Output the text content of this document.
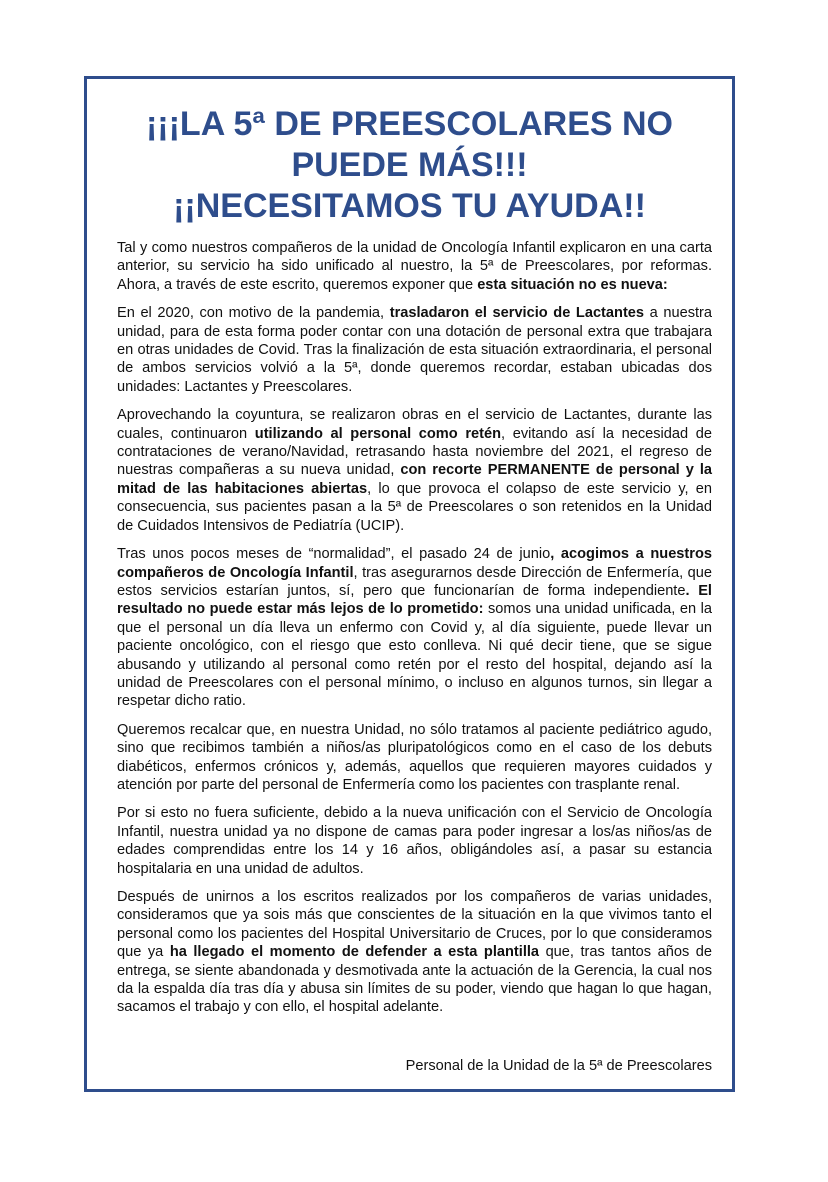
¡¡¡LA 5ª DE PREESCOLARES NO
PUEDE MÁS!!!
¡¡NECESITAMOS TU AYUDA!!

Tal y como nuestros compañeros de la unidad de Oncología Infantil explicaron en una carta anterior, su servicio ha sido unificado al nuestro, la 5ª de Preescolares, por reformas. Ahora, a través de este escrito, queremos exponer que esta situación no es nueva:

En el 2020, con motivo de la pandemia, trasladaron el servicio de Lactantes a nuestra unidad, para de esta forma poder contar con una dotación de personal extra que trabajara en otras unidades de Covid. Tras la finalización de esta situación extraordinaria, el personal de ambos servicios volvió a la 5ª, donde queremos recordar, estaban ubicadas dos unidades: Lactantes y Preescolares.

Aprovechando la coyuntura, se realizaron obras en el servicio de Lactantes, durante las cuales, continuaron utilizando al personal como retén, evitando así la necesidad de contrataciones de verano/Navidad, retrasando hasta noviembre del 2021, el regreso de nuestras compañeras a su nueva unidad, con recorte PERMANENTE de personal y la mitad de las habitaciones abiertas, lo que provoca el colapso de este servicio y, en consecuencia, sus pacientes pasan a la 5ª de Preescolares o son retenidos en la Unidad de Cuidados Intensivos de Pediatría (UCIP).

Tras unos pocos meses de “normalidad”, el pasado 24 de junio, acogimos a nuestros compañeros de Oncología Infantil, tras asegurarnos desde Dirección de Enfermería, que estos servicios estarían juntos, sí, pero que funcionarían de forma independiente. El resultado no puede estar más lejos de lo prometido: somos una unidad unificada, en la que el personal un día lleva un enfermo con Covid y, al día siguiente, puede llevar un paciente oncológico, con el riesgo que esto conlleva. Ni qué decir tiene, que se sigue abusando y utilizando al personal como retén por el resto del hospital, dejando así la unidad de Preescolares con el personal mínimo, o incluso en algunos turnos, sin llegar a respetar dicho ratio.

Queremos recalcar que, en nuestra Unidad, no sólo tratamos al paciente pediátrico agudo, sino que recibimos también a niños/as pluripatológicos como en el caso de los debuts diabéticos, enfermos crónicos y, además, aquellos que requieren mayores cuidados y atención por parte del personal de Enfermería como los pacientes con trasplante renal.

Por si esto no fuera suficiente, debido a la nueva unificación con el Servicio de Oncología Infantil, nuestra unidad ya no dispone de camas para poder ingresar a los/as niños/as de edades comprendidas entre los 14 y 16 años, obligándoles así, a pasar su estancia hospitalaria en una unidad de adultos.

Después de unirnos a los escritos realizados por los compañeros de varias unidades, consideramos que ya sois más que conscientes de la situación en la que vivimos tanto el personal como los pacientes del Hospital Universitario de Cruces, por lo que consideramos que ya ha llegado el momento de defender a esta plantilla que, tras tantos años de entrega, se siente abandonada y desmotivada ante la actuación de la Gerencia, la cual nos da la espalda día tras día y abusa sin límites de su poder, viendo que hagan lo que hagan, sacamos el trabajo y con ello, el hospital adelante.

Personal de la Unidad de la 5ª de Preescolares
